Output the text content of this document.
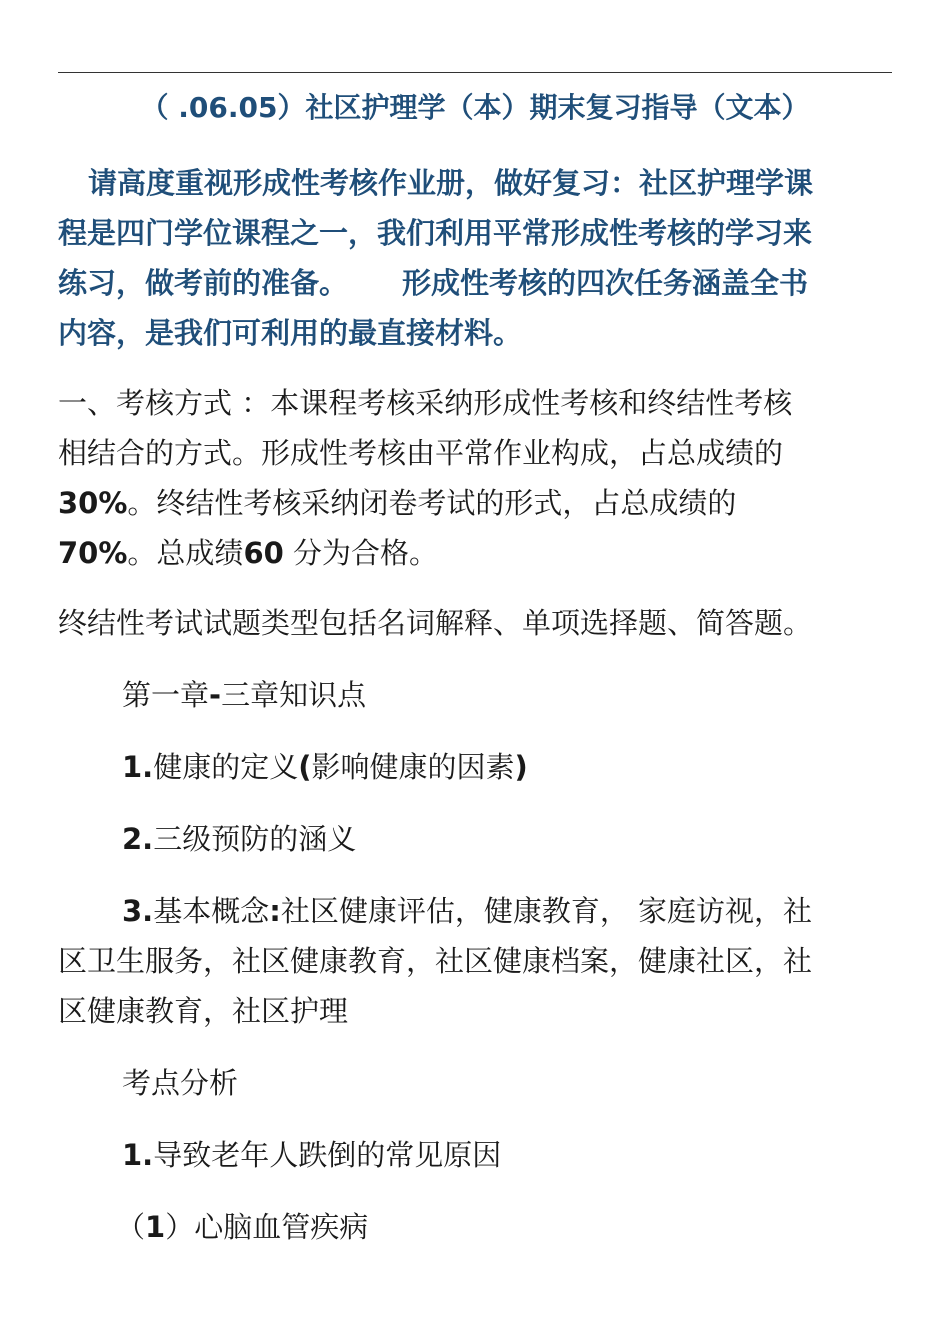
（ .06.05）社区护理学（本）期末复习指导（文本）
请高度重视形成性考核作业册，做好复习：社区护理学课
程是四门学位课程之一，我们利用平常形成性考核的学习来
练习，做考前的准备。 形成性考核的四次任务涵盖全书
内容，是我们可利用的最直接材料。
一、考核方式 ：本课程考核采纳形成性考核和终结性考核
相结合的方式。形成性考核由平常作业构成，占总成绩的
30%。终结性考核采纳闭卷考试的形式，占总成绩的
70%。总成绩60 分为合格。
终结性考试试题类型包括名词解释、单项选择题、简答题。
第一章-三章知识点
1.健康的定义(影响健康的因素)
2.三级预防的涵义
3.基本概念:社区健康评估，健康教育， 家庭访视，社
区卫生服务，社区健康教育，社区健康档案，健康社区，社
区健康教育，社区护理
考点分析
1.导致老年人跌倒的常见原因
（1）心脑血管疾病
